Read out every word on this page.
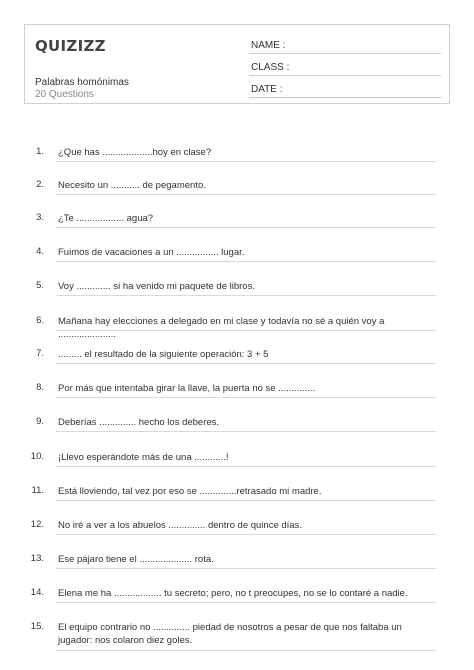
QUIZIZZ
Palabras homónimas
20 Questions
NAME :
CLASS :
DATE :
1. ¿Que has ...................hoy en clase?
2. Necesito un ........... de pegamento.
3. ¿Te .................. agua?
4. Fuimos de vacaciones a un ................ lugar.
5. Voy ............. si ha venido mi paquete de libros.
6. Mañana hay elecciones a delegado en mi clase y todavía no sé a quién voy a ......................
7. ......... el resultado de la siguiente operación: 3 + 5
8. Por más que intentaba girar la llave, la puerta no se ..............
9. Deberías .............. hecho los deberes.
10. ¡Llevo esperándote más de una ............!
11. Está lloviendo, tal vez por eso se ..............retrasado mi madre.
12. No iré a ver a los abuelos .............. dentro de quince días.
13. Ese pájaro tiene el .................... rota.
14. Elena me ha .................. tu secreto; pero, no t preocupes, no se lo contaré a nadie.
15. El equipo contrario no .............. piedad de nosotros a pesar de que nos faltaba un jugador: nos colaron diez goles.
